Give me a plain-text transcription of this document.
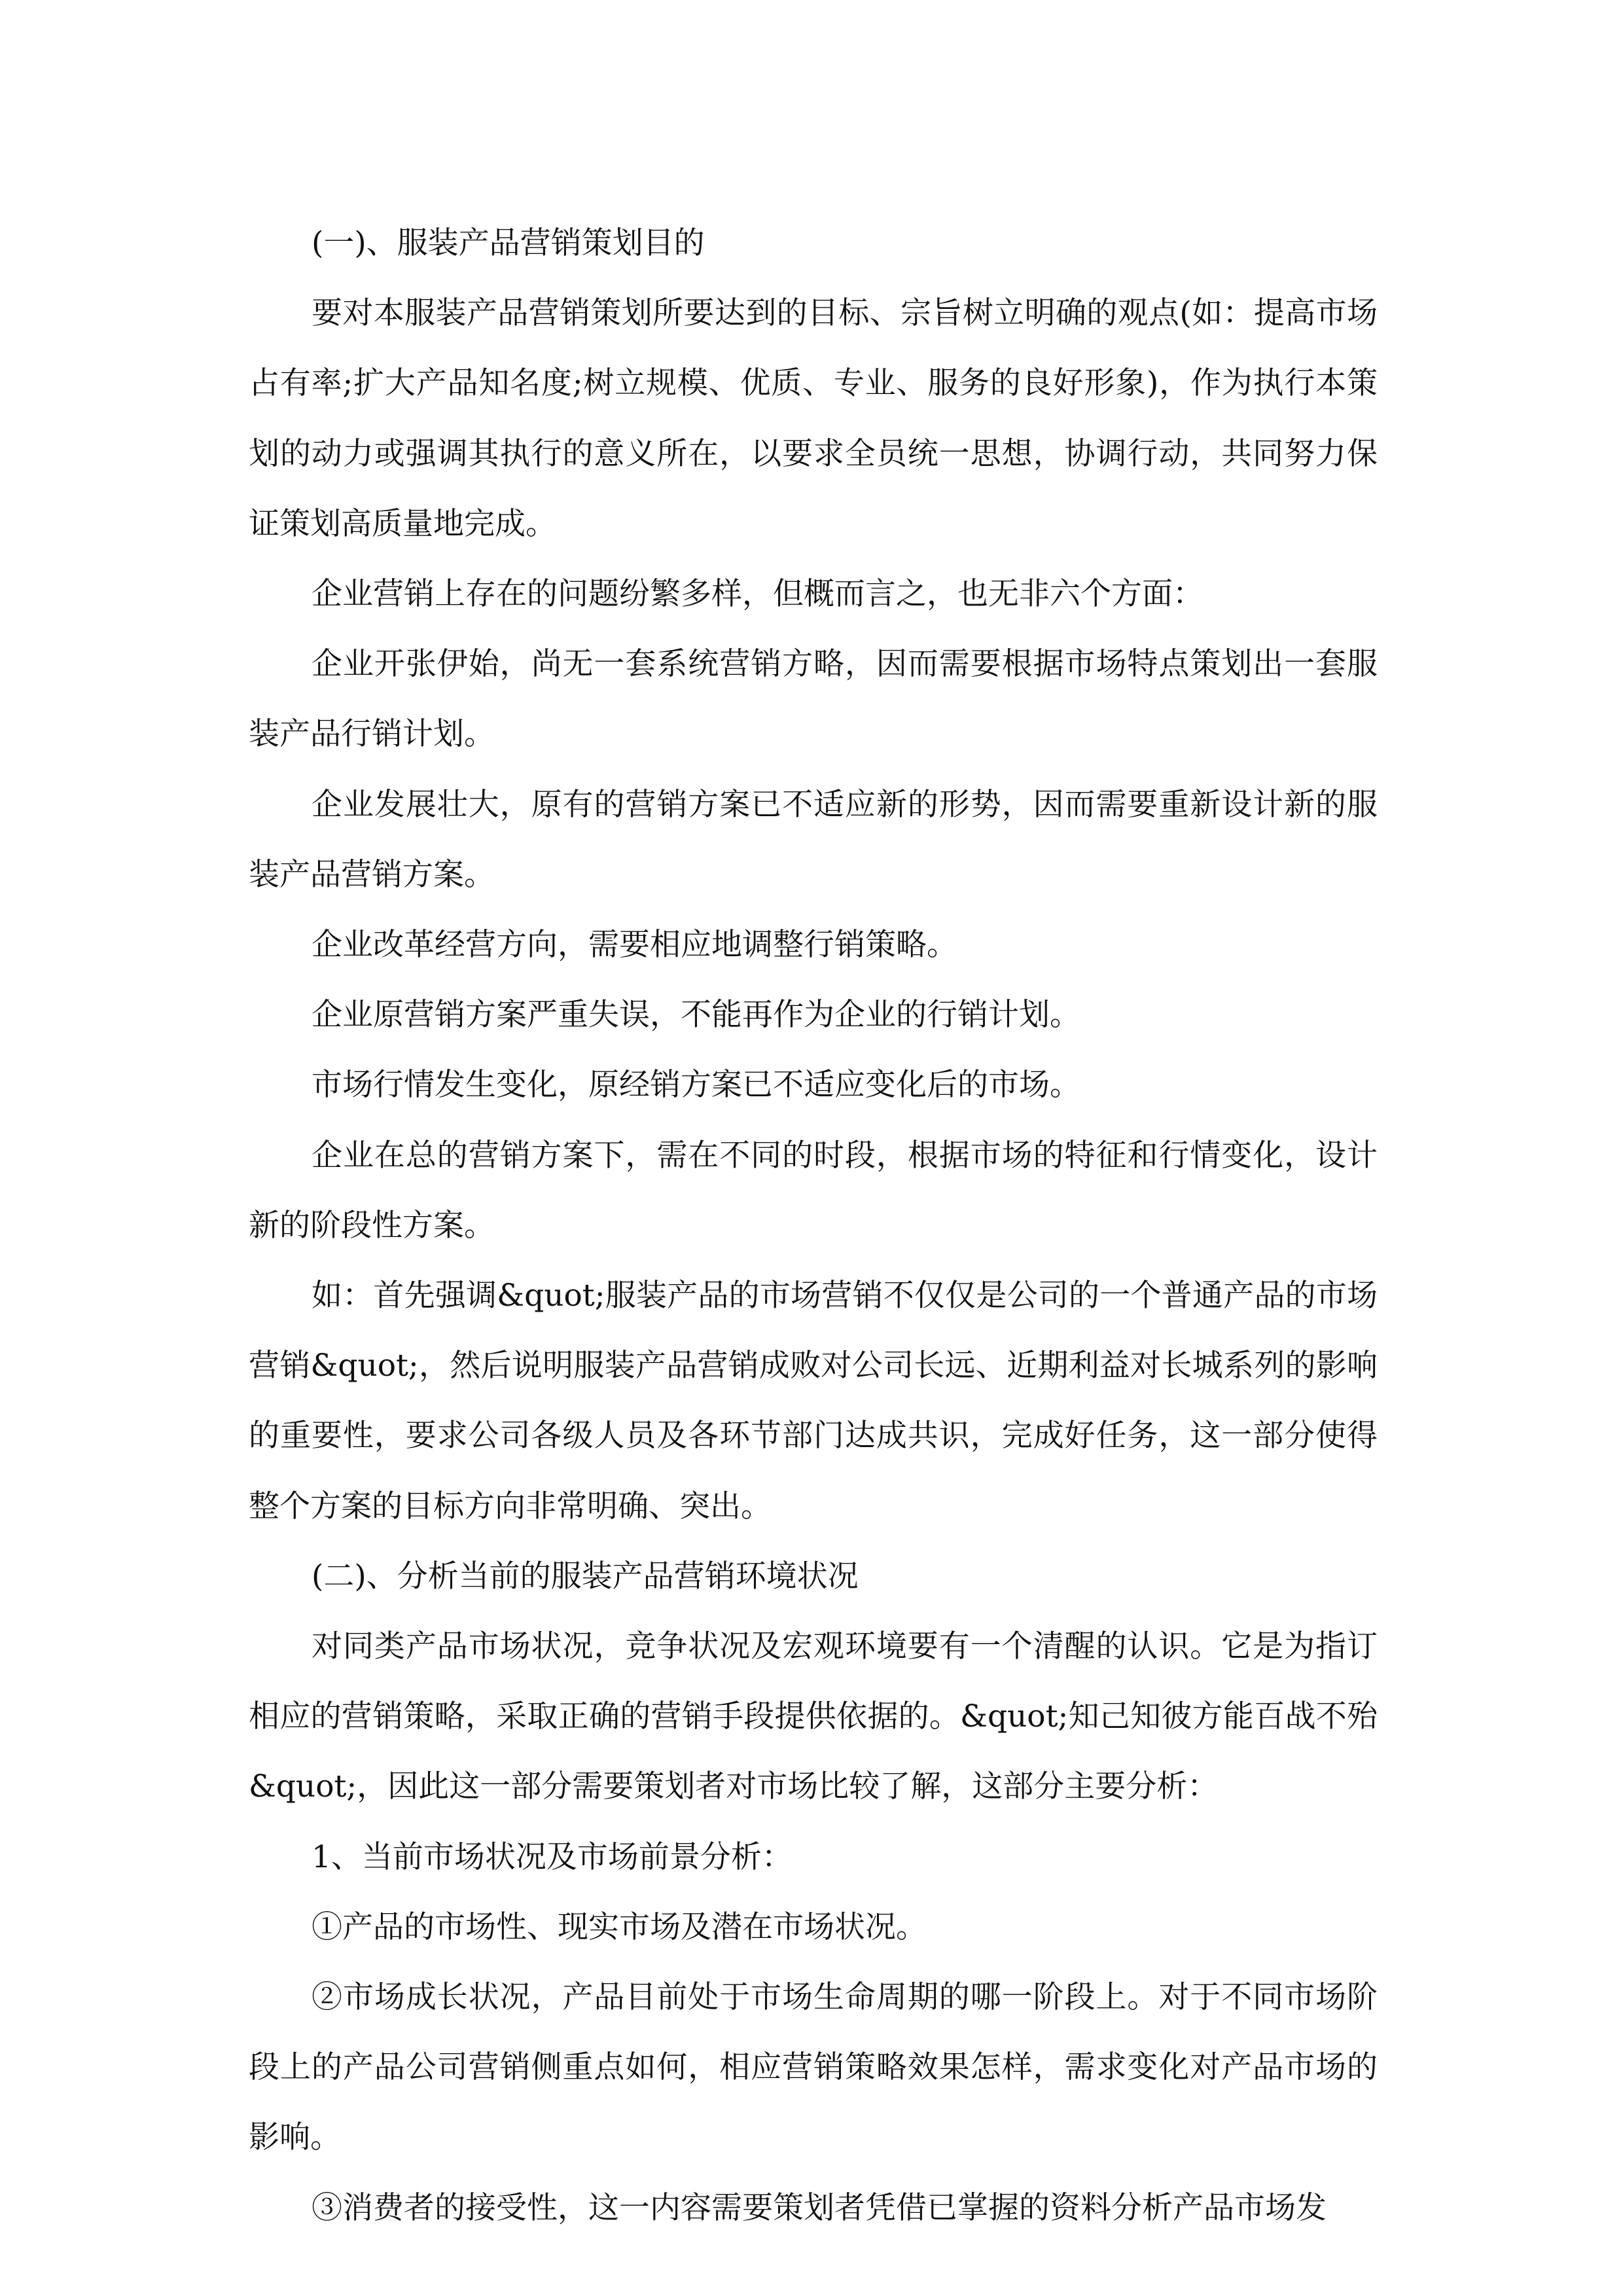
(一)、服装产品营销策划目的

要对本服装产品营销策划所要达到的目标、宗旨树立明确的观点(如：提高市场占有率;扩大产品知名度;树立规模、优质、专业、服务的良好形象)，作为执行本策划的动力或强调其执行的意义所在，以要求全员统一思想，协调行动，共同努力保证策划高质量地完成。

企业营销上存在的问题纷繁多样，但概而言之，也无非六个方面：

企业开张伊始，尚无一套系统营销方略，因而需要根据市场特点策划出一套服装产品行销计划。

企业发展壮大，原有的营销方案已不适应新的形势，因而需要重新设计新的服装产品营销方案。

企业改革经营方向，需要相应地调整行销策略。

企业原营销方案严重失误，不能再作为企业的行销计划。

市场行情发生变化，原经销方案已不适应变化后的市场。

企业在总的营销方案下，需在不同的时段，根据市场的特征和行情变化，设计新的阶段性方案。

如：首先强调&quot;服装产品的市场营销不仅仅是公司的一个普通产品的市场营销&quot;，然后说明服装产品营销成败对公司长远、近期利益对长城系列的影响的重要性，要求公司各级人员及各环节部门达成共识，完成好任务，这一部分使得整个方案的目标方向非常明确、突出。

(二)、分析当前的服装产品营销环境状况

对同类产品市场状况，竞争状况及宏观环境要有一个清醒的认识。它是为指订相应的营销策略，采取正确的营销手段提供依据的。&quot;知己知彼方能百战不殆&quot;，因此这一部分需要策划者对市场比较了解，这部分主要分析：

1、当前市场状况及市场前景分析：

①产品的市场性、现实市场及潜在市场状况。

②市场成长状况，产品目前处于市场生命周期的哪一阶段上。对于不同市场阶段上的产品公司营销侧重点如何，相应营销策略效果怎样，需求变化对产品市场的影响。

③消费者的接受性，这一内容需要策划者凭借已掌握的资料分析产品市场发
